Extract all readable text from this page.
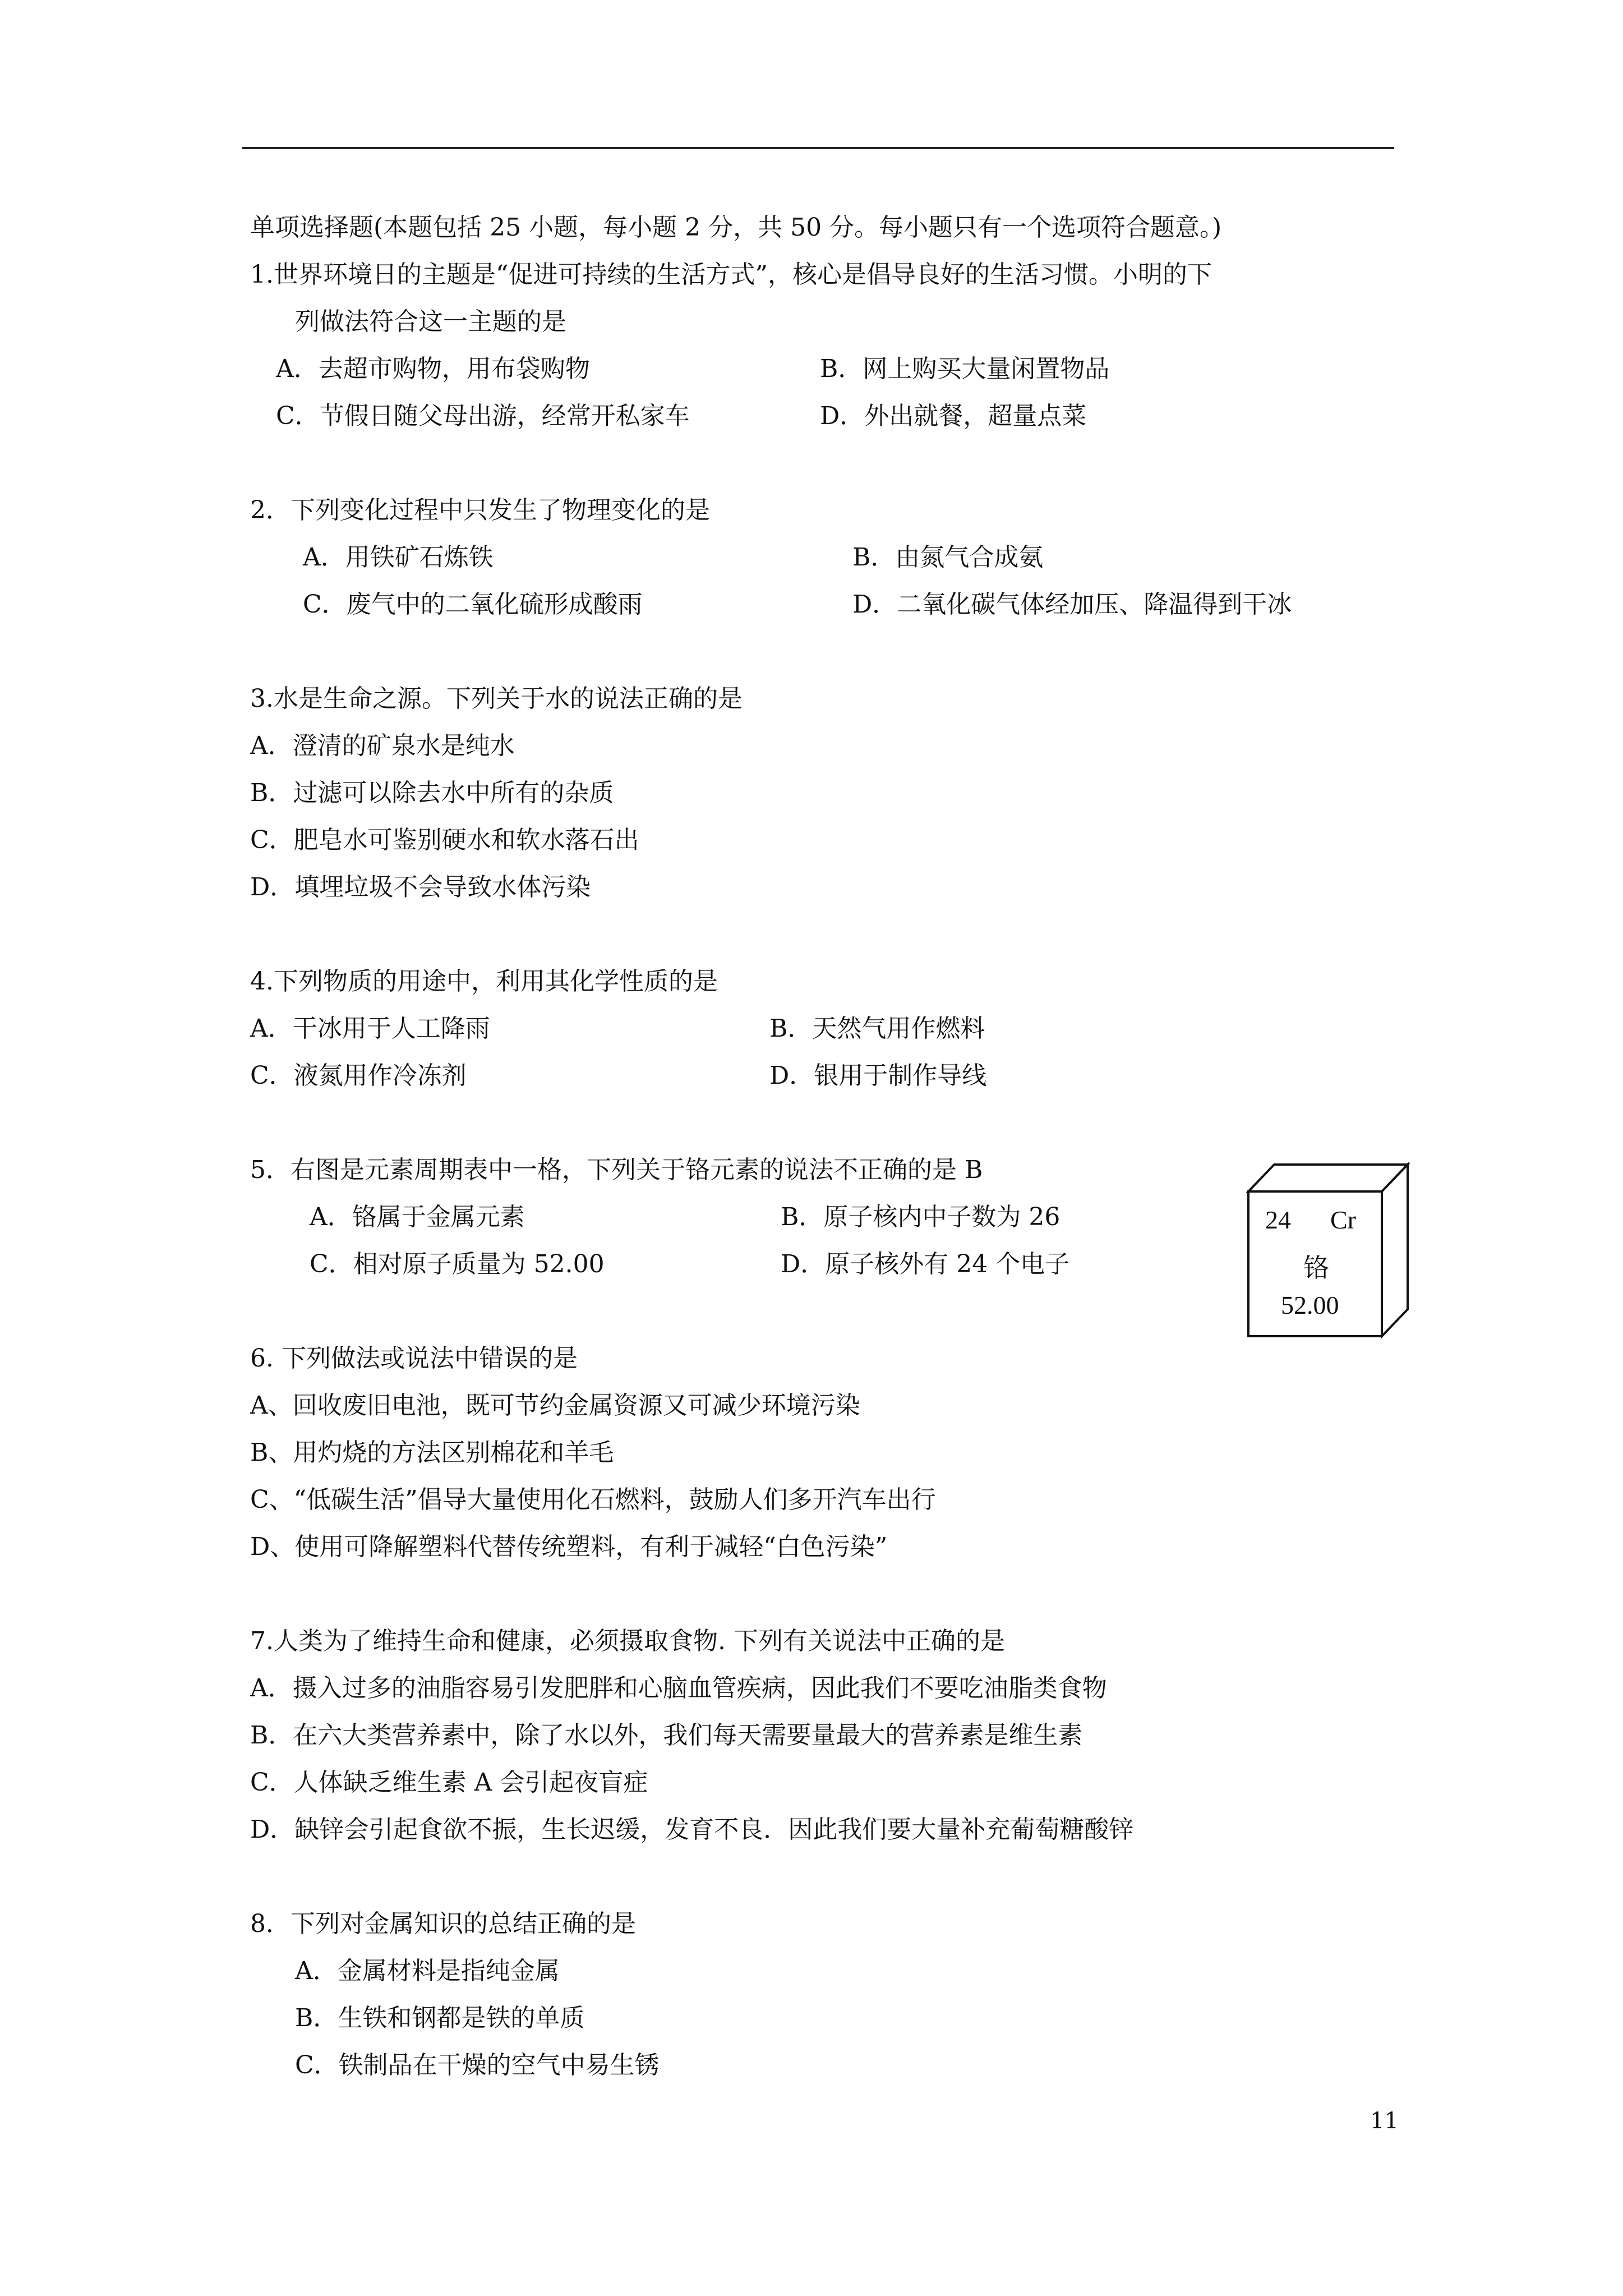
单项选择题(本题包括 25 小题，每小题 2 分，共 50 分。每小题只有一个选项符合题意。)
1.世界环境日的主题是“促进可持续的生活方式”，核心是倡导良好的生活习惯。小明的下
列做法符合这一主题的是
A．去超市购物，用布袋购物	B．网上购买大量闲置物品
C．节假日随父母出游，经常开私家车	D．外出就餐，超量点菜
2．下列变化过程中只发生了物理变化的是
A．用铁矿石炼铁	B．由氮气合成氨
C．废气中的二氧化硫形成酸雨	D．二氧化碳气体经加压、降温得到干冰
3.水是生命之源。下列关于水的说法正确的是
A．澄清的矿泉水是纯水
B．过滤可以除去水中所有的杂质
C．肥皂水可鉴别硬水和软水落石出
D．填埋垃圾不会导致水体污染
4.下列物质的用途中，利用其化学性质的是
A．干冰用于人工降雨	B．天然气用作燃料
C．液氮用作冷冻剂	D．银用于制作导线
5．右图是元素周期表中一格，下列关于铬元素的说法不正确的是 B
A．铬属于金属元素	B．原子核内中子数为 26
C．相对原子质量为 52.00	D．原子核外有 24 个电子
6. 下列做法或说法中错误的是
A、回收废旧电池，既可节约金属资源又可减少环境污染
B、用灼烧的方法区别棉花和羊毛
C、“低碳生活”倡导大量使用化石燃料，鼓励人们多开汽车出行
D、使用可降解塑料代替传统塑料，有利于减轻“白色污染”
7.人类为了维持生命和健康，必须摄取食物. 下列有关说法中正确的是
A．摄入过多的油脂容易引发肥胖和心脑血管疾病，因此我们不要吃油脂类食物
B．在六大类营养素中，除了水以外，我们每天需要量最大的营养素是维生素
C．人体缺乏维生素 A 会引起夜盲症
D．缺锌会引起食欲不振，生长迟缓，发育不良．因此我们要大量补充葡萄糖酸锌
8．下列对金属知识的总结正确的是
A．金属材料是指纯金属
B．生铁和钢都是铁的单质
C．铁制品在干燥的空气中易生锈
24 Cr
铬
52.00
11
